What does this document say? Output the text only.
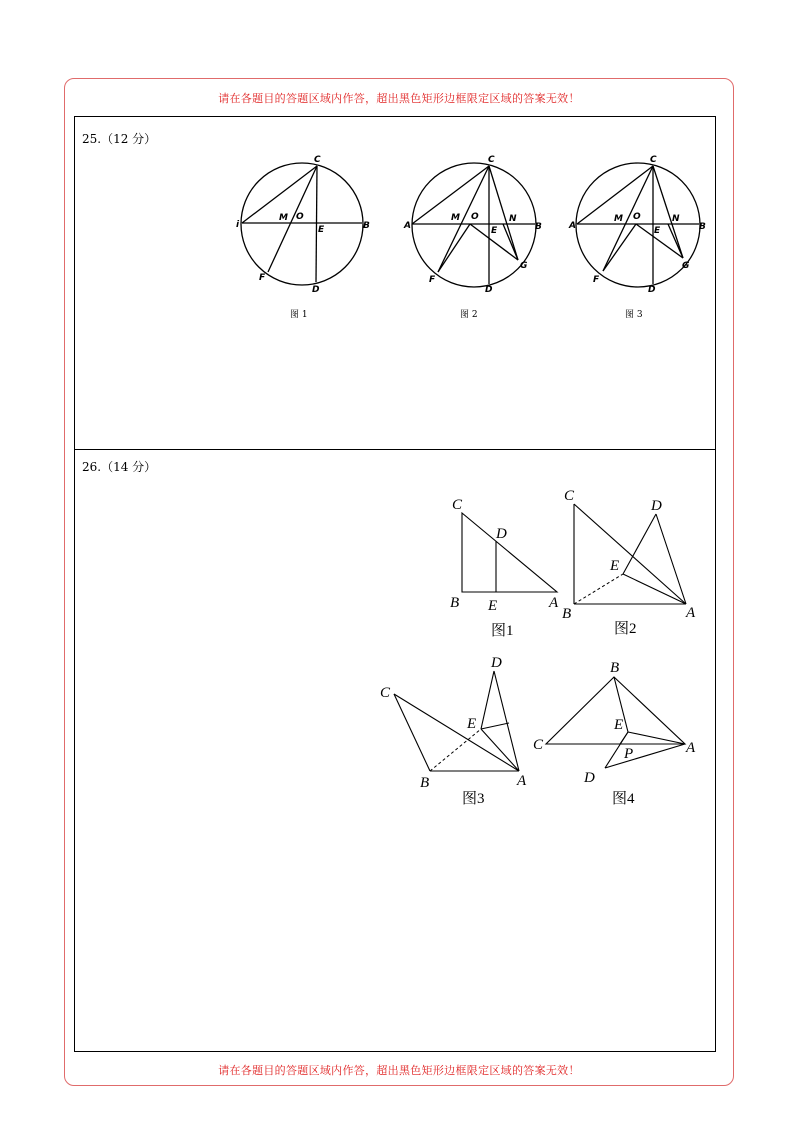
请在各题目的答题区域内作答，超出黑色矩形边框限定区域的答案无效！
25.（12 分）
26.（14 分）
请在各题目的答题区域内作答，超出黑色矩形边框限定区域的答案无效！
C
i
M O
E	B
F
D
图 1
C
A
M O	N
E	B
F
G
D
图 2
C
A
M O	N
E	B
F
G
D
图 3
C
D
B E	A
图1
C
D
E
B	A
图2
C
D
E
B	A
图3
B
C
E
P	A
D
图4
